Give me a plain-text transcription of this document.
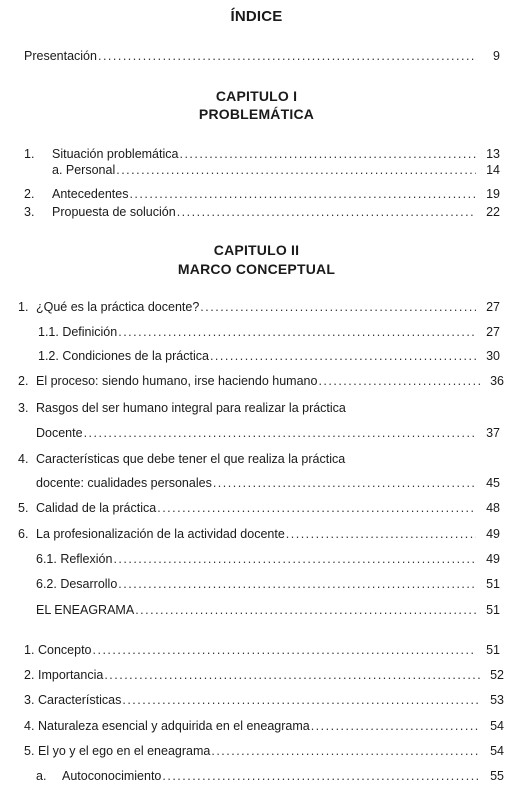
ÍNDICE
Presentación .....	9
CAPITULO I
PROBLEMÁTICA
1.	Situación problemática .....	13
a. Personal .....	14
2.	Antecedentes .....	19
3.	Propuesta de solución .....	22
CAPITULO II
MARCO CONCEPTUAL
1. ¿Qué es la práctica docente? .....	27
1.1. Definición .....	27
1.2. Condiciones de la práctica .....	30
2. El proceso: siendo humano, irse haciendo humano .....	36
3. Rasgos del ser humano integral para realizar la práctica
Docente .....	37
4. Características que debe tener el que realiza la práctica
docente: cualidades personales .....	45
5. Calidad de la práctica .....	48
6. La profesionalización de la actividad docente .....	49
6.1. Reflexión .....	49
6.2. Desarrollo .....	51
EL ENEAGRAMA .....	51
1. Concepto .....	51
2. Importancia .....	52
3. Características .....	53
4. Naturaleza esencial y adquirida en el eneagrama .....	54
5. El yo y el ego en el eneagrama .....	54
a.	Autoconocimiento .....	55
